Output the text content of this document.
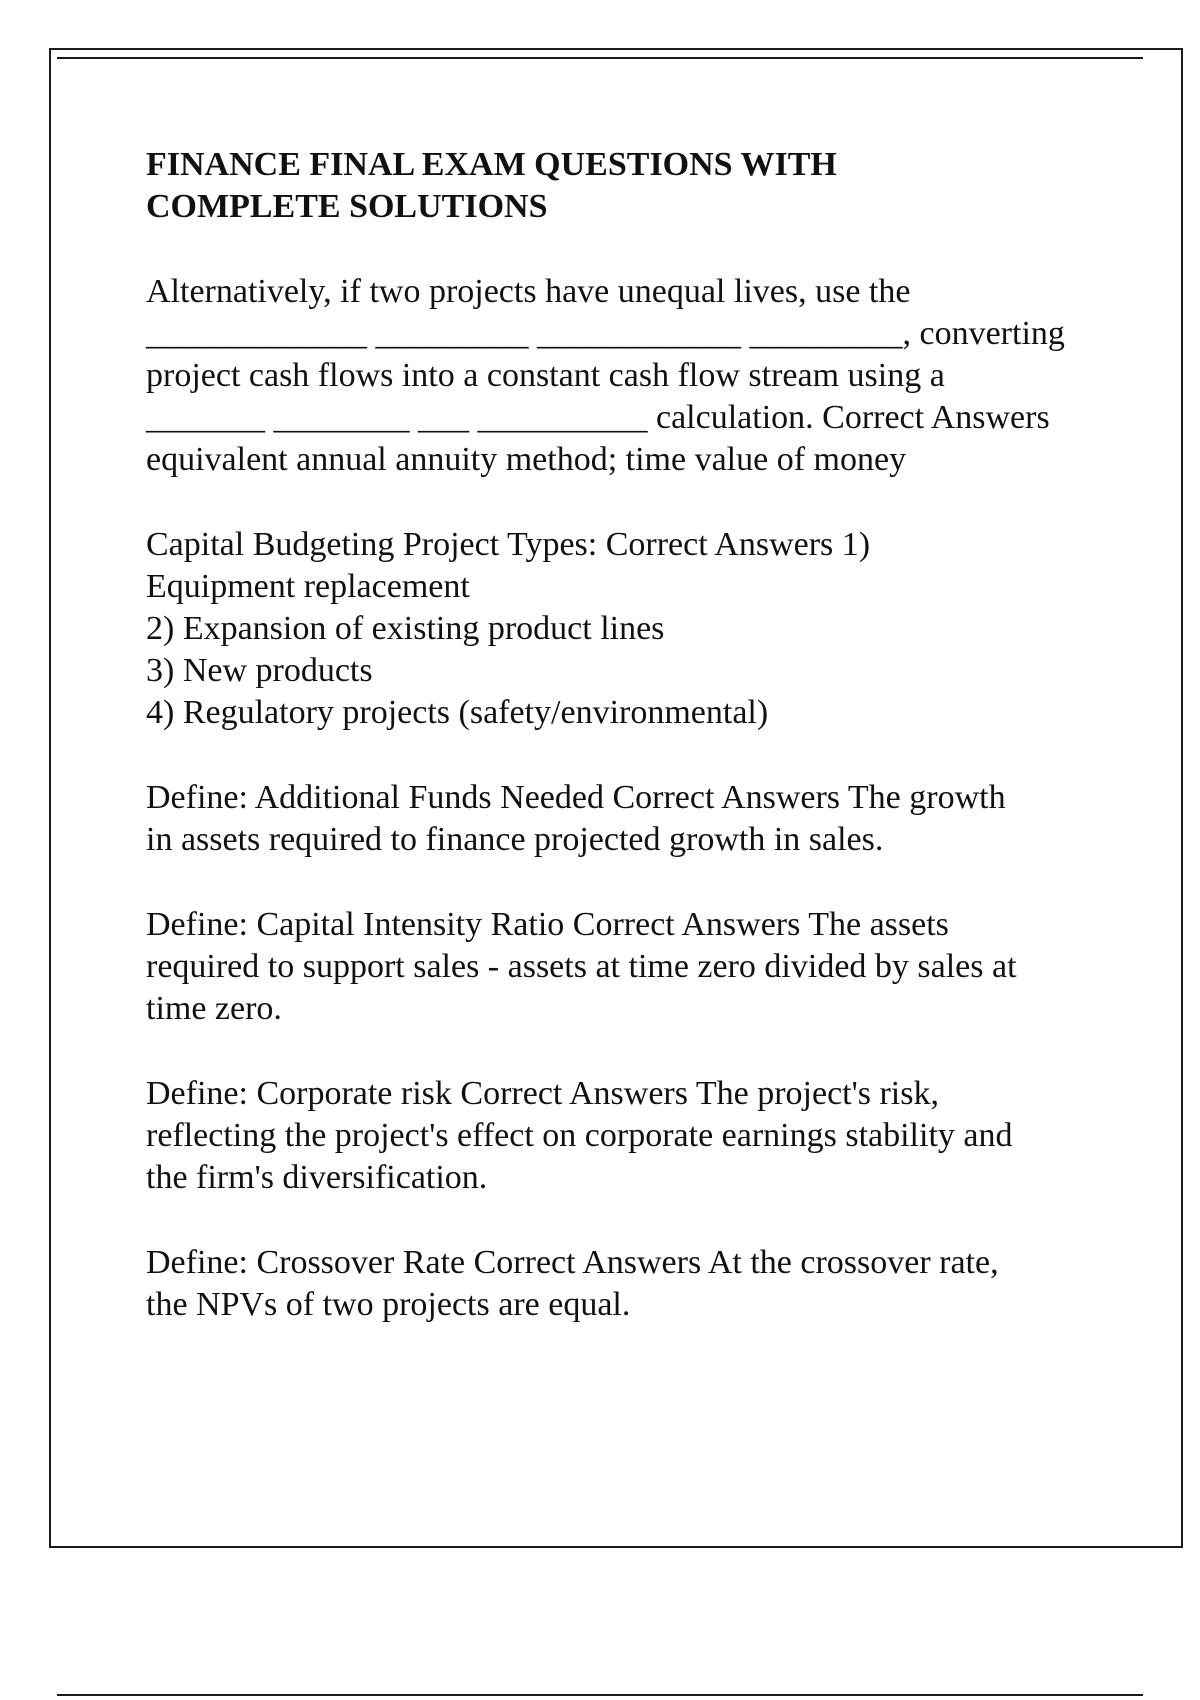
FINANCE FINAL EXAM QUESTIONS WITH
COMPLETE SOLUTIONS
Alternatively, if two projects have unequal lives, use the
_____________ _________ ____________ _________, converting
project cash flows into a constant cash flow stream using a
_______ ________ ___ __________ calculation. Correct Answers
equivalent annual annuity method; time value of money
Capital Budgeting Project Types: Correct Answers 1)
Equipment replacement
2) Expansion of existing product lines
3) New products
4) Regulatory projects (safety/environmental)
Define: Additional Funds Needed Correct Answers The growth
in assets required to finance projected growth in sales.
Define: Capital Intensity Ratio Correct Answers The assets
required to support sales - assets at time zero divided by sales at
time zero.
Define: Corporate risk Correct Answers The project's risk,
reflecting the project's effect on corporate earnings stability and
the firm's diversification.
Define: Crossover Rate Correct Answers At the crossover rate,
the NPVs of two projects are equal.
